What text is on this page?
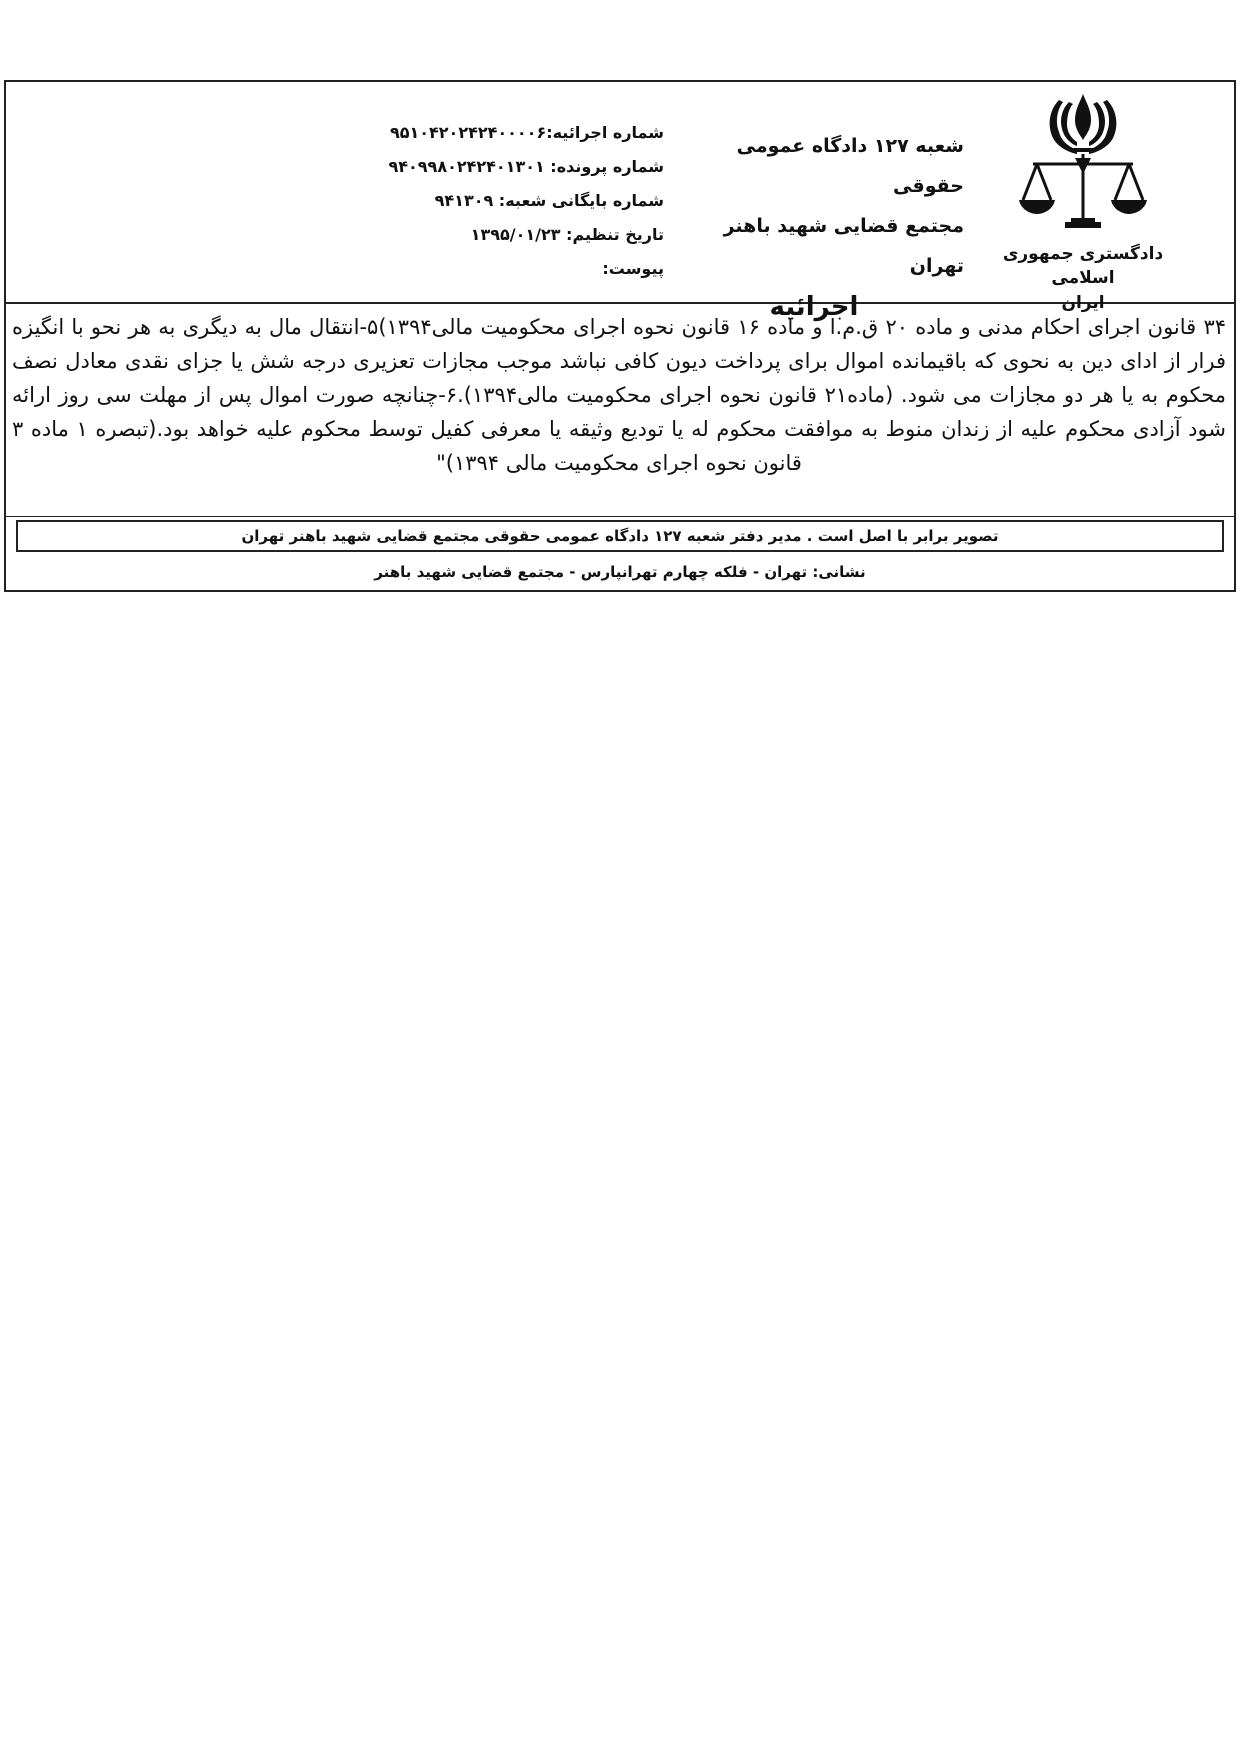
دادگستری جمهوری اسلامی
ایران
شعبه ۱۲۷ دادگاه عمومی حقوقی
مجتمع قضایی شهید باهنر تهران
اجرائیه
شماره اجرائیه:۹۵۱۰۴۲۰۲۴۲۴۰۰۰۰۶
شماره پرونده: ۹۴۰۹۹۸۰۲۴۲۴۰۱۳۰۱
شماره بایگانی شعبه: ۹۴۱۳۰۹
تاریخ تنظیم: ۱۳۹۵/۰۱/۲۳
پیوست:
۳۴ قانون اجرای احکام مدنی و ماده ۲۰ ق.م.ا و ماده ۱۶ قانون نحوه اجرای محکومیت مالی۱۳۹۴)۵-انتقال مال به دیگری به هر نحو با انگیزه فرار از ادای دین به نحوی که باقیمانده اموال برای پرداخت دیون کافی نباشد موجب مجازات تعزیری درجه شش یا جزای نقدی معادل نصف محکوم به یا هر دو مجازات می شود. (ماده۲۱ قانون نحوه اجرای محکومیت مالی۱۳۹۴).۶-چنانچه صورت اموال پس از مهلت سی روز ارائه شود آزادی محکوم علیه از زندان منوط به موافقت محکوم له یا تودیع وثیقه یا معرفی کفیل توسط محکوم علیه خواهد بود.(تبصره ۱ ماده ۳ قانون نحوه اجرای محکومیت مالی ۱۳۹۴)"
تصویر برابر با اصل است . مدیر دفتر شعبه ۱۲۷ دادگاه عمومی حقوقی مجتمع قضایی شهید باهنر تهران
نشانی: تهران - فلکه چهارم تهرانپارس - مجتمع قضایی شهید باهنر
